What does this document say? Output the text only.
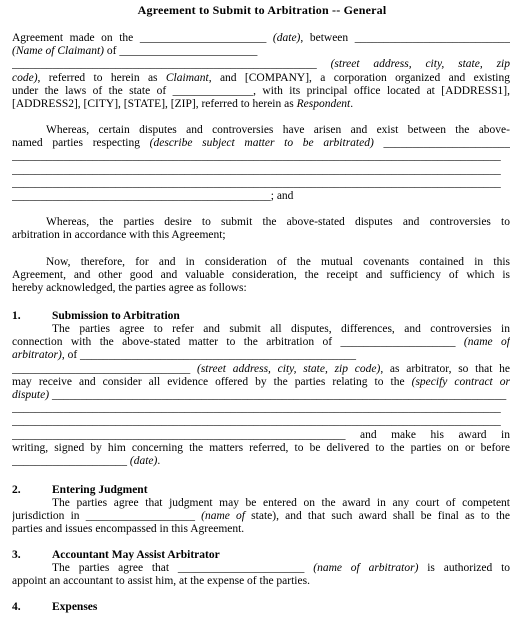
Agreement to Submit to Arbitration -- General
Agreement made on the ______________________ (date), between ___________________________
(Name of Claimant) of ________________________
_____________________________________________________ (street address, city, state, zip
code), referred to herein as Claimant, and [COMPANY], a corporation organized and existing
under the laws of the state of ______________, with its principal office located at [ADDRESS1],
[ADDRESS2], [CITY], [STATE], [ZIP], referred to herein as Respondent.
Whereas, certain disputes and controversies have arisen and exist between the above-
named parties respecting (describe subject matter to be arbitrated) ______________________
_____________________________________________________________________________________
_____________________________________________________________________________________
_____________________________________________________________________________________
_____________________________________________; and
Whereas, the parties desire to submit the above-stated disputes and controversies to
arbitration in accordance with this Agreement;
Now, therefore, for and in consideration of the mutual covenants contained in this
Agreement, and other good and valuable consideration, the receipt and sufficiency of which is
hereby acknowledged, the parties agree as follows:
1.	Submission to Arbitration
The parties agree to refer and submit all disputes, differences, and controversies in
connection with the above-stated matter to the arbitration of ____________________ (name of
arbitrator), of ________________________________________________
_______________________________ (street address, city, state, zip code), as arbitrator, so that he
may receive and consider all evidence offered by the parties relating to the (specify contract or
dispute) _______________________________________________________________________________
_____________________________________________________________________________________
_____________________________________________________________________________________
__________________________________________________________ and make his award in
writing, signed by him concerning the matters referred, to be delivered to the parties on or before
____________________ (date).
2.	Entering Judgment
The parties agree that judgment may be entered on the award in any court of competent
jurisdiction in ___________________ (name of state), and that such award shall be final as to the
parties and issues encompassed in this Agreement.
3.	Accountant May Assist Arbitrator
The parties agree that ______________________ (name of arbitrator) is authorized to
appoint an accountant to assist him, at the expense of the parties.
4.	Expenses
